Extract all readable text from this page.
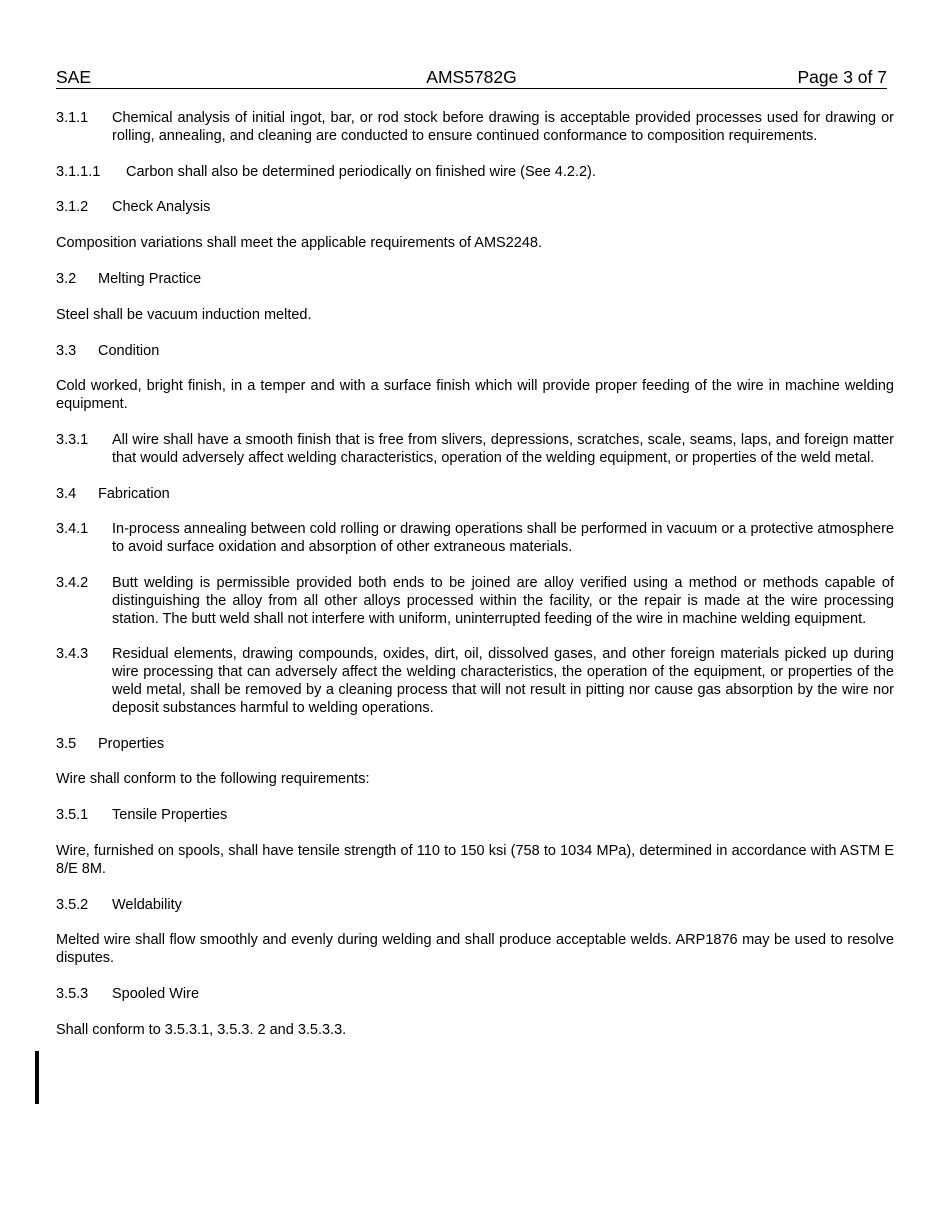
SAE	AMS5782G	Page 3 of 7
3.1.1	Chemical analysis of initial ingot, bar, or rod stock before drawing is acceptable provided processes used for drawing or rolling, annealing, and cleaning are conducted to ensure continued conformance to composition requirements.
3.1.1.1	Carbon shall also be determined periodically on finished wire (See 4.2.2).
3.1.2	Check Analysis
Composition variations shall meet the applicable requirements of AMS2248.
3.2	Melting Practice
Steel shall be vacuum induction melted.
3.3	Condition
Cold worked, bright finish, in a temper and with a surface finish which will provide proper feeding of the wire in machine welding equipment.
3.3.1	All wire shall have a smooth finish that is free from slivers, depressions, scratches, scale, seams, laps, and foreign matter that would adversely affect welding characteristics, operation of the welding equipment, or properties of the weld metal.
3.4	Fabrication
3.4.1	In-process annealing between cold rolling or drawing operations shall be performed in vacuum or a protective atmosphere to avoid surface oxidation and absorption of other extraneous materials.
3.4.2	Butt welding is permissible provided both ends to be joined are alloy verified using a method or methods capable of distinguishing the alloy from all other alloys processed within the facility, or the repair is made at the wire processing station. The butt weld shall not interfere with uniform, uninterrupted feeding of the wire in machine welding equipment.
3.4.3	Residual elements, drawing compounds, oxides, dirt, oil, dissolved gases, and other foreign materials picked up during wire processing that can adversely affect the welding characteristics, the operation of the equipment, or properties of the weld metal, shall be removed by a cleaning process that will not result in pitting nor cause gas absorption by the wire nor deposit substances harmful to welding operations.
3.5	Properties
Wire shall conform to the following requirements:
3.5.1	Tensile Properties
Wire, furnished on spools, shall have tensile strength of 110 to 150 ksi (758 to 1034 MPa), determined in accordance with ASTM E 8/E 8M.
3.5.2	Weldability
Melted wire shall flow smoothly and evenly during welding and shall produce acceptable welds. ARP1876 may be used to resolve disputes.
3.5.3	Spooled Wire
Shall conform to 3.5.3.1, 3.5.3. 2 and 3.5.3.3.
